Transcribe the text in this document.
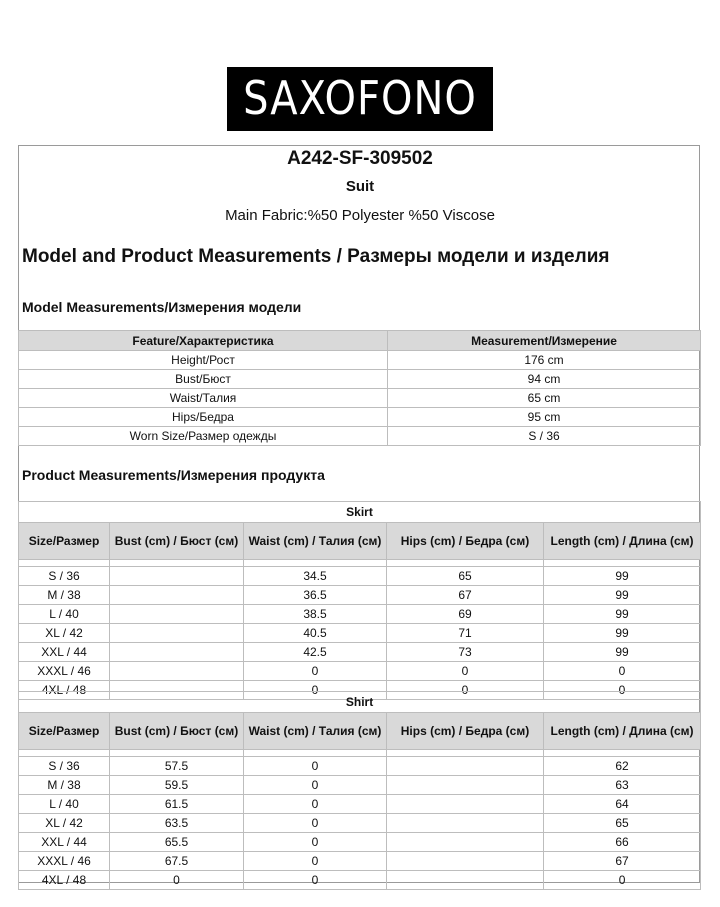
SAXOFONO
A242-SF-309502
Suit
Main Fabric:%50 Polyester %50 Viscose
Model and Product Measurements / Размеры модели и изделия
Model Measurements/Измерения модели
Feature/Характеристика	Measurement/Измерение
Height/Рост	176 cm
Bust/Бюст	94 cm
Waist/Талия	65 cm
Hips/Бедра	95 cm
Worn Size/Размер одежды	S / 36
Product Measurements/Измерения продукта
Skirt				
Size/Размер	Bust (cm) / Бюст (см)	Waist (cm) / Талия (см)	Hips (cm) / Бедра (см)	Length (cm) / Длина (см)

S / 36		34.5	65	99
M / 38		36.5	67	99
L / 40		38.5	69	99
XL / 42		40.5	71	99
XXL / 44		42.5	73	99
XXXL / 46		0	0	0
4XL / 48		0	0	0
Shirt				
Size/Размер	Bust (cm) / Бюст (см)	Waist (cm) / Талия (см)	Hips (cm) / Бедра (см)	Length (cm) / Длина (см)

S / 36	57.5	0		62
M / 38	59.5	0		63
L / 40	61.5	0		64
XL / 42	63.5	0		65
XXL / 44	65.5	0		66
XXXL / 46	67.5	0		67
4XL / 48	0	0		0
